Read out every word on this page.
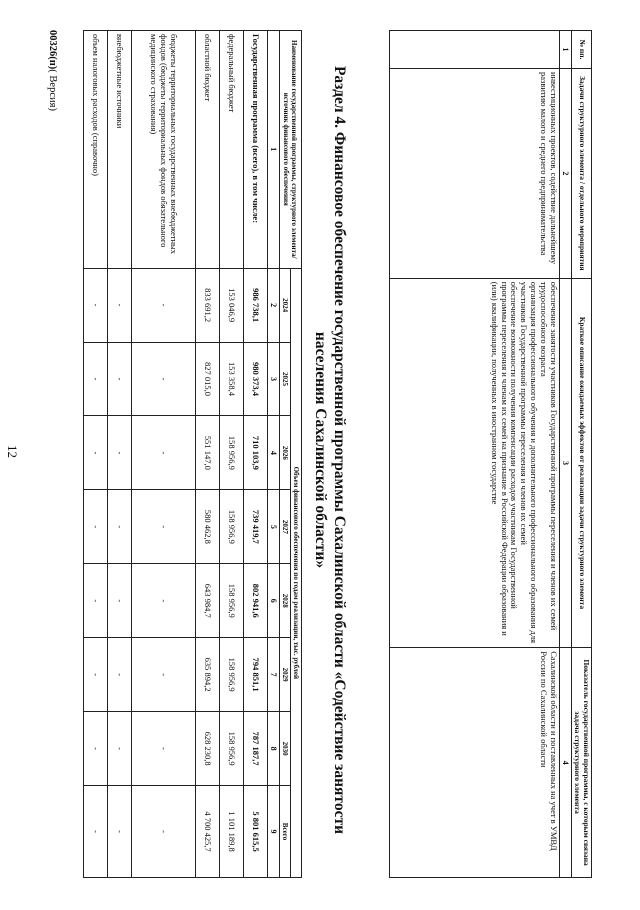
12
№ пп.	Задачи структурного элемента / отдельного мероприятия	Краткое описание ожидаемых эффектов от реализации задачи структурного элемента	Показатель государственной программы, с которым связана задача структурного элемента
1	2	3	4
	инвестиционных проектов, содействие дальнейшему развитию малого и среднего предпринимательства	обеспечение занятости участников Государственной программы переселения и членов их семей трудоспособного возраста
организация профессионального обучения и дополнительного профессионального образования для участников Государственной программы переселения и членов их семей
обеспечение возможности получения компенсации расходов участникам Государственной программы переселения и членам их семей на признание в Российской Федерации образования и (или) квалификации, полученных в иностранном государстве	Сахалинской области и поставленных на учет в УМВД России по Сахалинской области
Раздел 4. Финансовое обеспечение государственной программы Сахалинской области «Содействие занятости населения Сахалинской области»
Наименование государственной программы, структурного элемента/источник финансового обеспечения	Объем финансового обеспечения по годам реализации, тыс. рублей							
	2024	2025	2026	2027	2028	2029	2030	Всего
1	2	3	4	5	6	7	8	9
Государственная программа (всего), в том числе:	986 738,1	980 373,4	710 103,9	739 419,7	802 941,6	794 851,1	787 187,7	5 801 615,5
федеральный бюджет	153 046,9	153 358,4	158 956,9	158 956,9	158 956,9	158 956,9	158 956,9	1 101 189,8
областной бюджет	833 691,2	827 015,0	551 147,0	580 462,8	643 984,7	635 894,2	628 230,8	4 700 425,7
бюджеты территориальных государственных внебюджетных фондов (бюджеты территориальных фондов обязательного медицинского страхования)	-	-	-	-	-	-	-	-
внебюджетные источники	-	-	-	-	-	-	-	-
объем налоговых расходов (справочно)	-	-	-	-	-	-	-	-
00326(п)( Версия)
